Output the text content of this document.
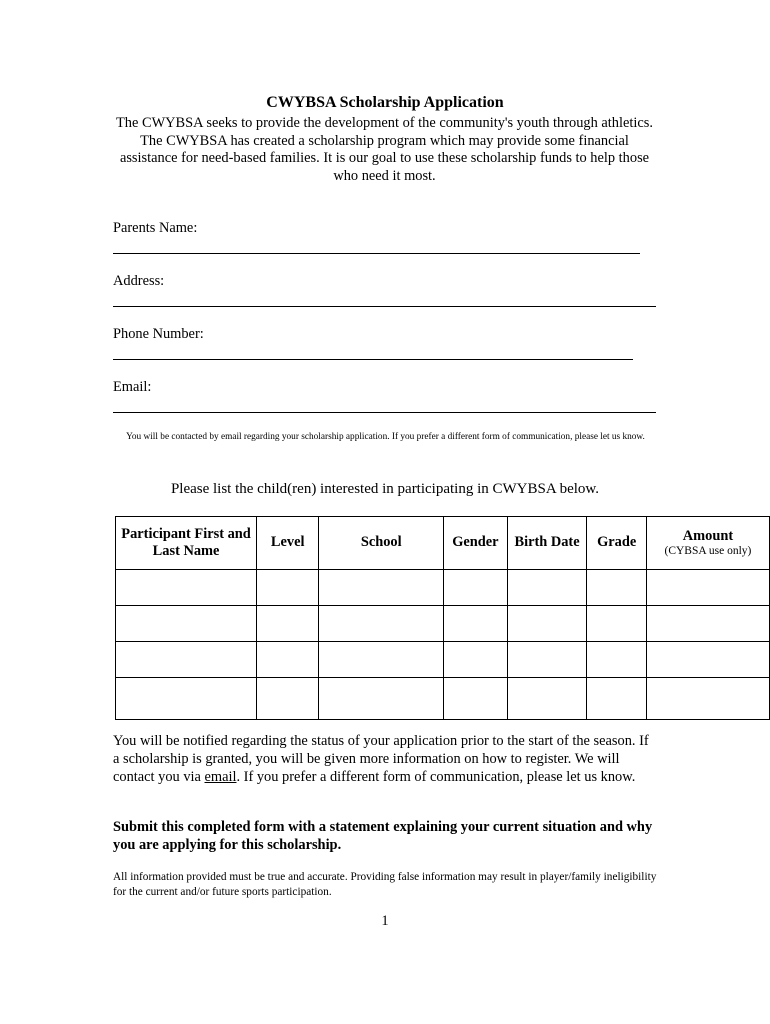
CWYBSA Scholarship Application
The CWYBSA seeks to provide the development of the community's youth through athletics. The CWYBSA has created a scholarship program which may provide some financial assistance for need-based families. It is our goal to use these scholarship funds to help those who need it most.
Parents Name:
Address:
Phone Number:
Email:
You will be contacted by email regarding your scholarship application. If you prefer a different form of communication, please let us know.
Please list the child(ren) interested in participating in CWYBSA below.
Participant First and Last Name	Level	School	Gender	Birth Date	Grade	Amount
(CYBSA use only)

You will be notified regarding the status of your application prior to the start of the season. If a scholarship is granted, you will be given more information on how to register. We will contact you via email. If you prefer a different form of communication, please let us know.
Submit this completed form with a statement explaining your current situation and why you are applying for this scholarship.
All information provided must be true and accurate. Providing false information may result in player/family ineligibility for the current and/or future sports participation.
1
